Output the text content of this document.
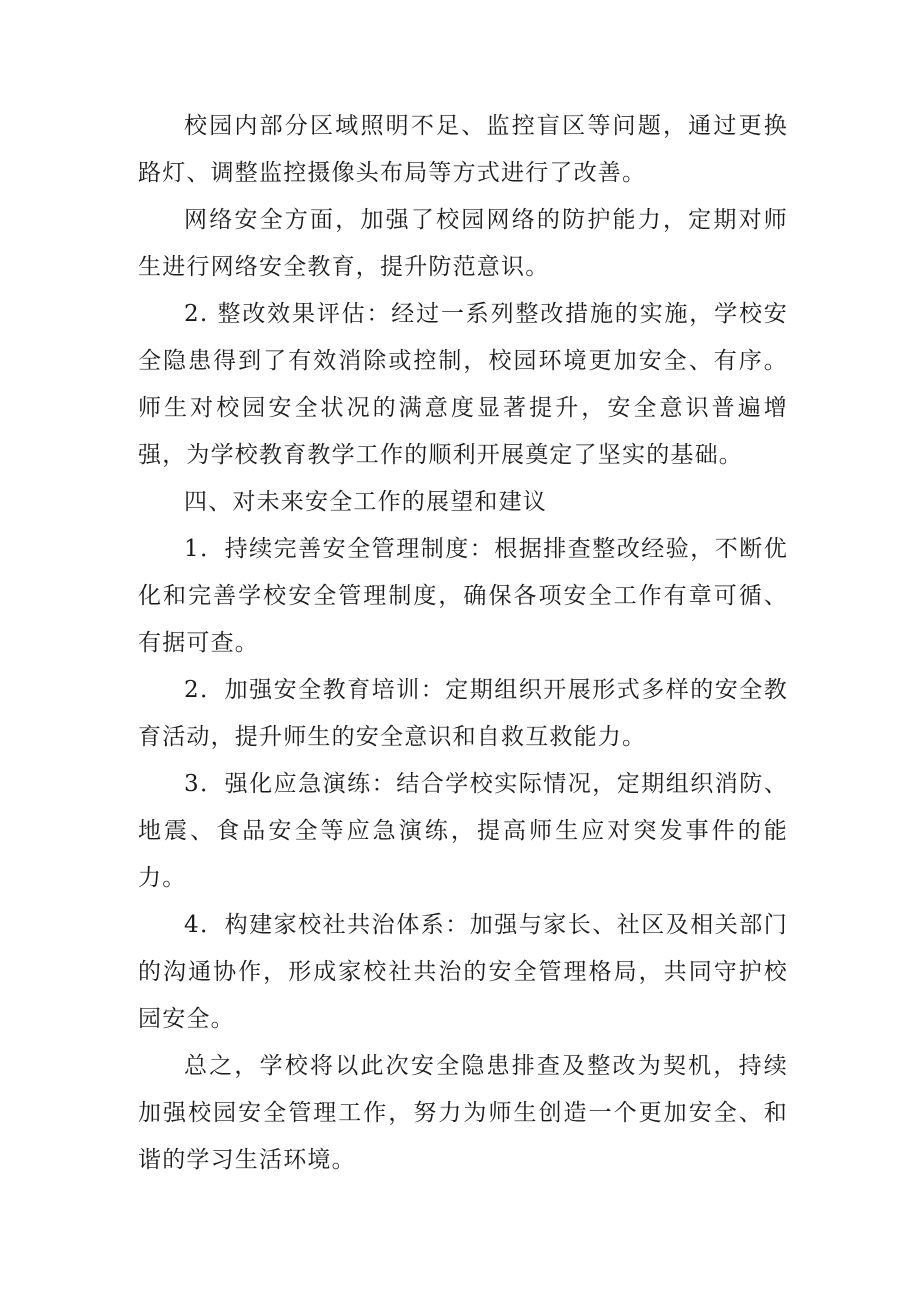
校园内部分区域照明不足、监控盲区等问题，通过更换路灯、调整监控摄像头布局等方式进行了改善。

网络安全方面，加强了校园网络的防护能力，定期对师生进行网络安全教育，提升防范意识。

2. 整改效果评估：经过一系列整改措施的实施，学校安全隐患得到了有效消除或控制，校园环境更加安全、有序。师生对校园安全状况的满意度显著提升，安全意识普遍增强，为学校教育教学工作的顺利开展奠定了坚实的基础。

四、对未来安全工作的展望和建议

1．持续完善安全管理制度：根据排查整改经验，不断优化和完善学校安全管理制度，确保各项安全工作有章可循、有据可查。

2．加强安全教育培训：定期组织开展形式多样的安全教育活动，提升师生的安全意识和自救互救能力。

3．强化应急演练：结合学校实际情况，定期组织消防、地震、食品安全等应急演练，提高师生应对突发事件的能力。

4．构建家校社共治体系：加强与家长、社区及相关部门的沟通协作，形成家校社共治的安全管理格局，共同守护校园安全。

总之，学校将以此次安全隐患排查及整改为契机，持续加强校园安全管理工作，努力为师生创造一个更加安全、和谐的学习生活环境。
